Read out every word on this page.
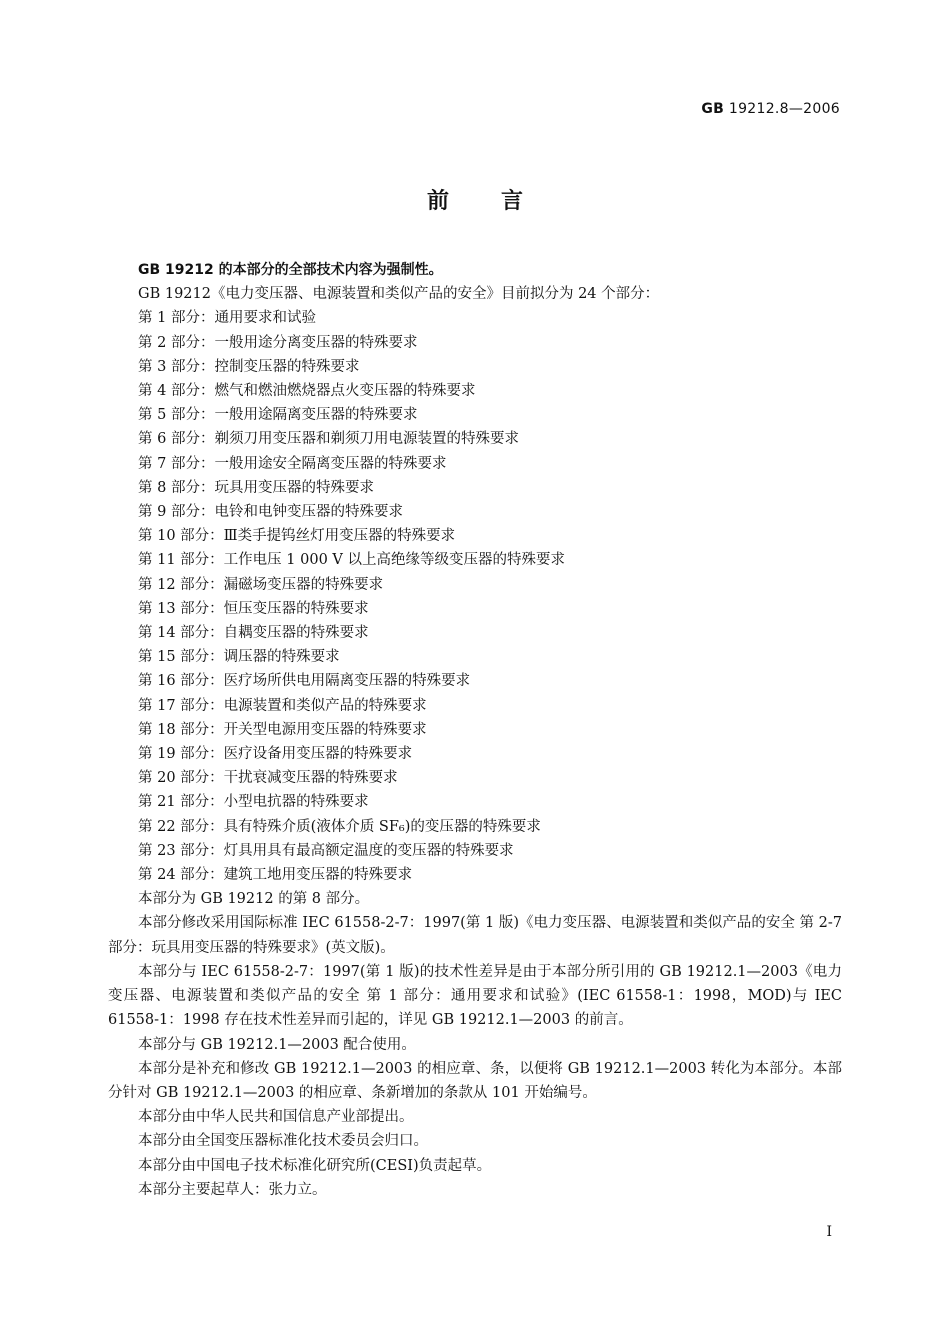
GB 19212.8—2006
前 言
GB 19212 的本部分的全部技术内容为强制性。
GB 19212《电力变压器、电源装置和类似产品的安全》目前拟分为 24 个部分：
第 1 部分：通用要求和试验
第 2 部分：一般用途分离变压器的特殊要求
第 3 部分：控制变压器的特殊要求
第 4 部分：燃气和燃油燃烧器点火变压器的特殊要求
第 5 部分：一般用途隔离变压器的特殊要求
第 6 部分：剃须刀用变压器和剃须刀用电源装置的特殊要求
第 7 部分：一般用途安全隔离变压器的特殊要求
第 8 部分：玩具用变压器的特殊要求
第 9 部分：电铃和电钟变压器的特殊要求
第 10 部分：Ⅲ类手提钨丝灯用变压器的特殊要求
第 11 部分：工作电压 1 000 V 以上高绝缘等级变压器的特殊要求
第 12 部分：漏磁场变压器的特殊要求
第 13 部分：恒压变压器的特殊要求
第 14 部分：自耦变压器的特殊要求
第 15 部分：调压器的特殊要求
第 16 部分：医疗场所供电用隔离变压器的特殊要求
第 17 部分：电源装置和类似产品的特殊要求
第 18 部分：开关型电源用变压器的特殊要求
第 19 部分：医疗设备用变压器的特殊要求
第 20 部分：干扰衰减变压器的特殊要求
第 21 部分：小型电抗器的特殊要求
第 22 部分：具有特殊介质(液体介质 SF₆)的变压器的特殊要求
第 23 部分：灯具用具有最高额定温度的变压器的特殊要求
第 24 部分：建筑工地用变压器的特殊要求
本部分为 GB 19212 的第 8 部分。
本部分修改采用国际标准 IEC 61558-2-7：1997(第 1 版)《电力变压器、电源装置和类似产品的安全 第 2-7 部分：玩具用变压器的特殊要求》(英文版)。
本部分与 IEC 61558-2-7：1997(第 1 版)的技术性差异是由于本部分所引用的 GB 19212.1—2003《电力变压器、电源装置和类似产品的安全 第 1 部分：通用要求和试验》(IEC 61558-1：1998，MOD)与 IEC 61558-1：1998 存在技术性差异而引起的，详见 GB 19212.1—2003 的前言。
本部分与 GB 19212.1—2003 配合使用。
本部分是补充和修改 GB 19212.1—2003 的相应章、条，以便将 GB 19212.1—2003 转化为本部分。本部分针对 GB 19212.1—2003 的相应章、条新增加的条款从 101 开始编号。
本部分由中华人民共和国信息产业部提出。
本部分由全国变压器标准化技术委员会归口。
本部分由中国电子技术标准化研究所(CESI)负责起草。
本部分主要起草人：张力立。
I
